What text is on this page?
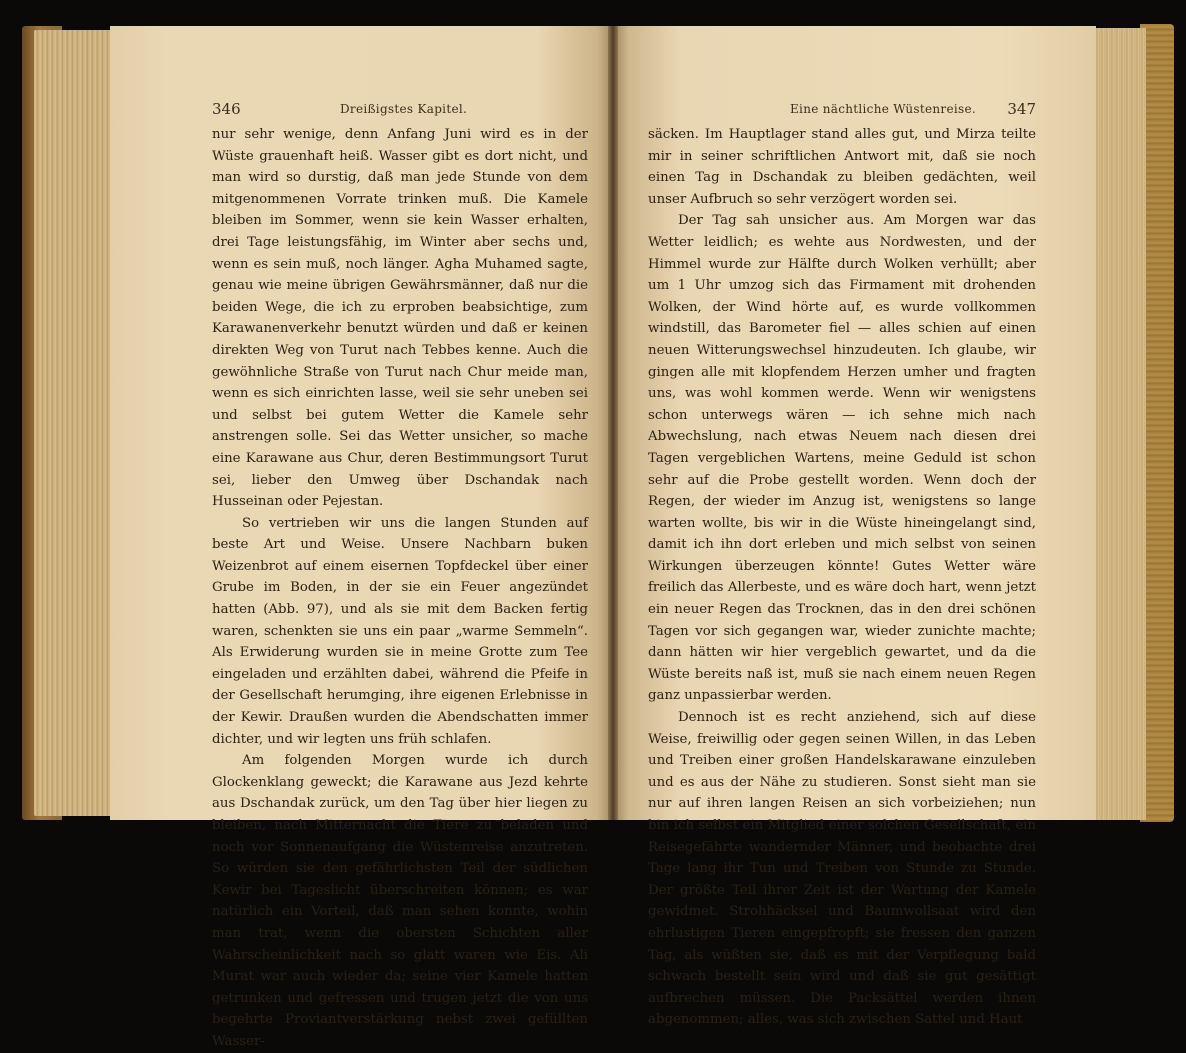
346	Dreißigstes Kapitel.	Eine nächtliche Wüstenreise. 347

nur sehr wenige, denn Anfang Juni wird es in der Wüste grauenhaft heiß. Wasser gibt es dort nicht, und man wird so durstig, daß man jede Stunde von dem mitgenommenen Vorrate trinken muß. Die Kamele bleiben im Sommer, wenn sie kein Wasser erhalten, drei Tage leistungsfähig, im Winter aber sechs und, wenn es sein muß, noch länger. Agha Muhamed sagte, genau wie meine übrigen Gewährsmänner, daß nur die beiden Wege, die ich zu erproben beabsichtige, zum Karawanenverkehr benutzt würden und daß er keinen direkten Weg von Turut nach Tebbes kenne. Auch die gewöhnliche Straße von Turut nach Chur meide man, wenn es sich einrichten lasse, weil sie sehr uneben sei und selbst bei gutem Wetter die Kamele sehr anstrengen solle. Sei das Wetter unsicher, so mache eine Karawane aus Chur, deren Bestimmungsort Turut sei, lieber den Umweg über Dschandak nach Husseinan oder Pejestan.

So vertrieben wir uns die langen Stunden auf beste Art und Weise. Unsere Nachbarn buken Weizenbrot auf einem eisernen Topfdeckel über einer Grube im Boden, in der sie ein Feuer angezündet hatten (Abb. 97), und als sie mit dem Backen fertig waren, schenkten sie uns ein paar „warme Semmeln“. Als Erwiderung wurden sie in meine Grotte zum Tee eingeladen und erzählten dabei, während die Pfeife in der Gesellschaft herumging, ihre eigenen Erlebnisse in der Kewir. Draußen wurden die Abendschatten immer dichter, und wir legten uns früh schlafen.

Am folgenden Morgen wurde ich durch Glockenklang geweckt; die Karawane aus Jezd kehrte aus Dschandak zurück, um den Tag über hier liegen zu bleiben, nach Mitternacht die Tiere zu beladen und noch vor Sonnenaufgang die Wüstenreise anzutreten. So würden sie den gefährlichsten Teil der südlichen Kewir bei Tageslicht überschreiten können; es war natürlich ein Vorteil, daß man sehen konnte, wohin man trat, wenn die obersten Schichten aller Wahrscheinlichkeit nach so glatt waren wie Eis. Ali Murat war auch wieder da; seine vier Kamele hatten getrunken und gefressen und trugen jetzt die von uns begehrte Proviantverstärkung nebst zwei gefüllten Wasser-

säcken. Im Hauptlager stand alles gut, und Mirza teilte mir in seiner schriftlichen Antwort mit, daß sie noch einen Tag in Dschandak zu bleiben gedächten, weil unser Aufbruch so sehr verzögert worden sei.

Der Tag sah unsicher aus. Am Morgen war das Wetter leidlich; es wehte aus Nordwesten, und der Himmel wurde zur Hälfte durch Wolken verhüllt; aber um 1 Uhr umzog sich das Firmament mit drohenden Wolken, der Wind hörte auf, es wurde vollkommen windstill, das Barometer fiel — alles schien auf einen neuen Witterungswechsel hinzudeuten. Ich glaube, wir gingen alle mit klopfendem Herzen umher und fragten uns, was wohl kommen werde. Wenn wir wenigstens schon unterwegs wären — ich sehne mich nach Abwechslung, nach etwas Neuem nach diesen drei Tagen vergeblichen Wartens, meine Geduld ist schon sehr auf die Probe gestellt worden. Wenn doch der Regen, der wieder im Anzug ist, wenigstens so lange warten wollte, bis wir in die Wüste hineingelangt sind, damit ich ihn dort erleben und mich selbst von seinen Wirkungen überzeugen könnte! Gutes Wetter wäre freilich das Allerbeste, und es wäre doch hart, wenn jetzt ein neuer Regen das Trocknen, das in den drei schönen Tagen vor sich gegangen war, wieder zunichte machte; dann hätten wir hier vergeblich gewartet, und da die Wüste bereits naß ist, muß sie nach einem neuen Regen ganz unpassierbar werden.

Dennoch ist es recht anziehend, sich auf diese Weise, freiwillig oder gegen seinen Willen, in das Leben und Treiben einer großen Handelskarawane einzuleben und es aus der Nähe zu studieren. Sonst sieht man sie nur auf ihren langen Reisen an sich vorbeiziehen; nun bin ich selbst ein Mitglied einer solchen Gesellschaft, ein Reisegefährte wandernder Männer, und beobachte drei Tage lang ihr Tun und Treiben von Stunde zu Stunde. Der größte Teil ihrer Zeit ist der Wartung der Kamele gewidmet. Strohhäcksel und Baumwollsaat wird den ehrlustigen Tieren eingepfropft; sie fressen den ganzen Tag, als wüßten sie, daß es mit der Verpflegung bald schwach bestellt sein wird und daß sie gut gesättigt aufbrechen müssen. Die Packsättel werden ihnen abgenommen; alles, was sich zwischen Sattel und Haut
